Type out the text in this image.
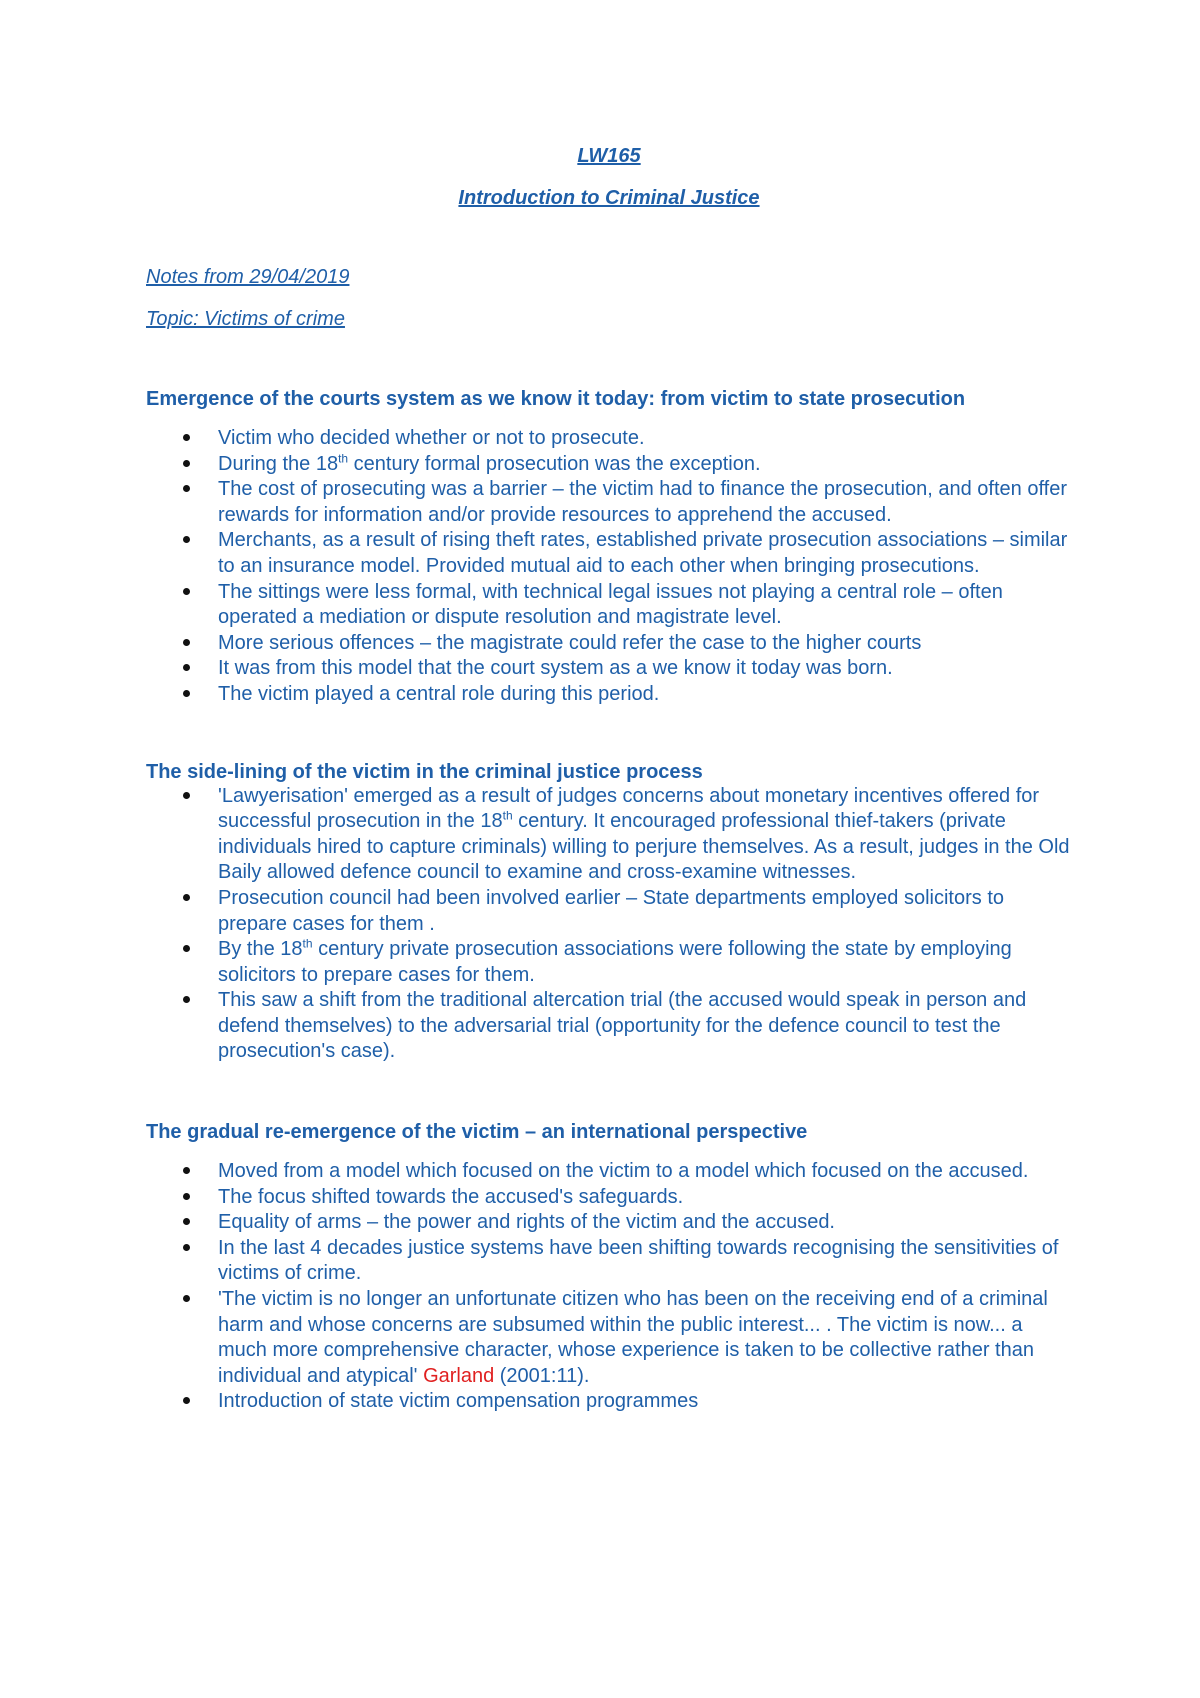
LW165

Introduction to Criminal Justice

Notes from 29/04/2019

Topic: Victims of crime

Emergence of the courts system as we know it today: from victim to state prosecution

Victim who decided whether or not to prosecute.
During the 18th century formal prosecution was the exception.
The cost of prosecuting was a barrier – the victim had to finance the prosecution, and often offer rewards for information and/or provide resources to apprehend the accused.
Merchants, as a result of rising theft rates, established private prosecution associations – similar to an insurance model. Provided mutual aid to each other when bringing prosecutions.
The sittings were less formal, with technical legal issues not playing a central role – often operated a mediation or dispute resolution and magistrate level.
More serious offences – the magistrate could refer the case to the higher courts
It was from this model that the court system as a we know it today was born.
The victim played a central role during this period.

The side-lining of the victim in the criminal justice process

'Lawyerisation' emerged as a result of judges concerns about monetary incentives offered for successful prosecution in the 18th century. It encouraged professional thief-takers (private individuals hired to capture criminals) willing to perjure themselves. As a result, judges in the Old Baily allowed defence council to examine and cross-examine witnesses.
Prosecution council had been involved earlier – State departments employed solicitors to prepare cases for them .
By the 18th century private prosecution associations were following the state by employing solicitors to prepare cases for them.
This saw a shift from the traditional altercation trial (the accused would speak in person and defend themselves) to the adversarial trial (opportunity for the defence council to test the prosecution's case).

The gradual re-emergence of the victim – an international perspective

Moved from a model which focused on the victim to a model which focused on the accused.
The focus shifted towards the accused's safeguards.
Equality of arms – the power and rights of the victim and the accused.
In the last 4 decades justice systems have been shifting towards recognising the sensitivities of victims of crime.
'The victim is no longer an unfortunate citizen who has been on the receiving end of a criminal harm and whose concerns are subsumed within the public interest... . The victim is now... a much more comprehensive character, whose experience is taken to be collective rather than individual and atypical' Garland (2001:11).
Introduction of state victim compensation programmes
